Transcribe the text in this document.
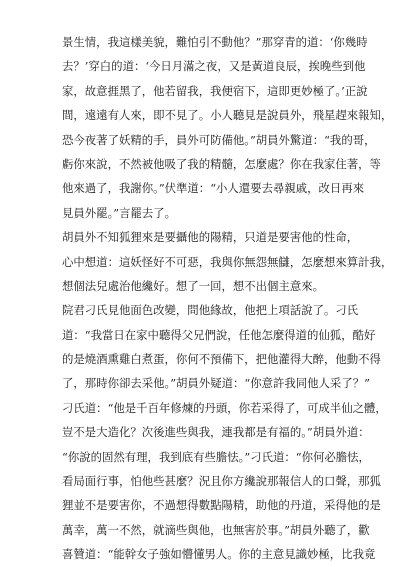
景生情，我這樣美貌，難怕引不動他？”那穿青的道：‘你幾時
去？’穿白的道：‘今日月滿之夜，又是黃道良辰，挨晚些到他
家，故意捱黑了，他若留我，我便宿下，這即更妙極了。’正說
間，遠遠有人來，即不見了。小人聽見是說員外，飛星趕來報知，
恐今夜著了妖精的手，員外可防備他。”胡員外驚道：“我的哥，
虧你來說，不然被他吸了我的精髓，怎麼處？你在我家住著，等
他來過了，我謝你。”伏準道：“小人還要去尋親戚，改日再來
見員外罷。”言罷去了。
胡員外不知狐狸來是要攝他的陽精，只道是要害他的性命，
心中想道：這妖怪好不可惡，我與你無怨無讎，怎麼想來算計我，
想個法兒處治他纔好。想了一回，想不出個主意來。
院君刁氏見他面色改變，問他緣故，他把上項話說了。刁氏
道：“我當日在家中聽得父兄們說，任他怎麼得道的仙狐，酷好
的是燒酒熏雞白煮蛋，你何不預備下，把他灌得大醉，他動不得
了，那時你卻去采他。”胡員外疑道：“你意許我同他人采了？”
刁氏道：“他是千百年修煉的丹頭，你若采得了，可成半仙之體，
豈不是大造化？次後進些與我，連我都是有福的。”胡員外道：
“你說的固然有理，我到底有些膽怯。”刁氏道：“你何必膽怯，
看局面行事，怕他些甚麼？況且你方纔說那報信人的口聲，那狐
狸並不是要害你，不過想得數點陽精，助他的丹道，采得他的是
萬幸，萬一不然，就滴些與他，也無害於事。”胡員外聽了，歡
喜贊道：“能幹女子強如懵懂男人。你的主意見識妙極，比我竟
